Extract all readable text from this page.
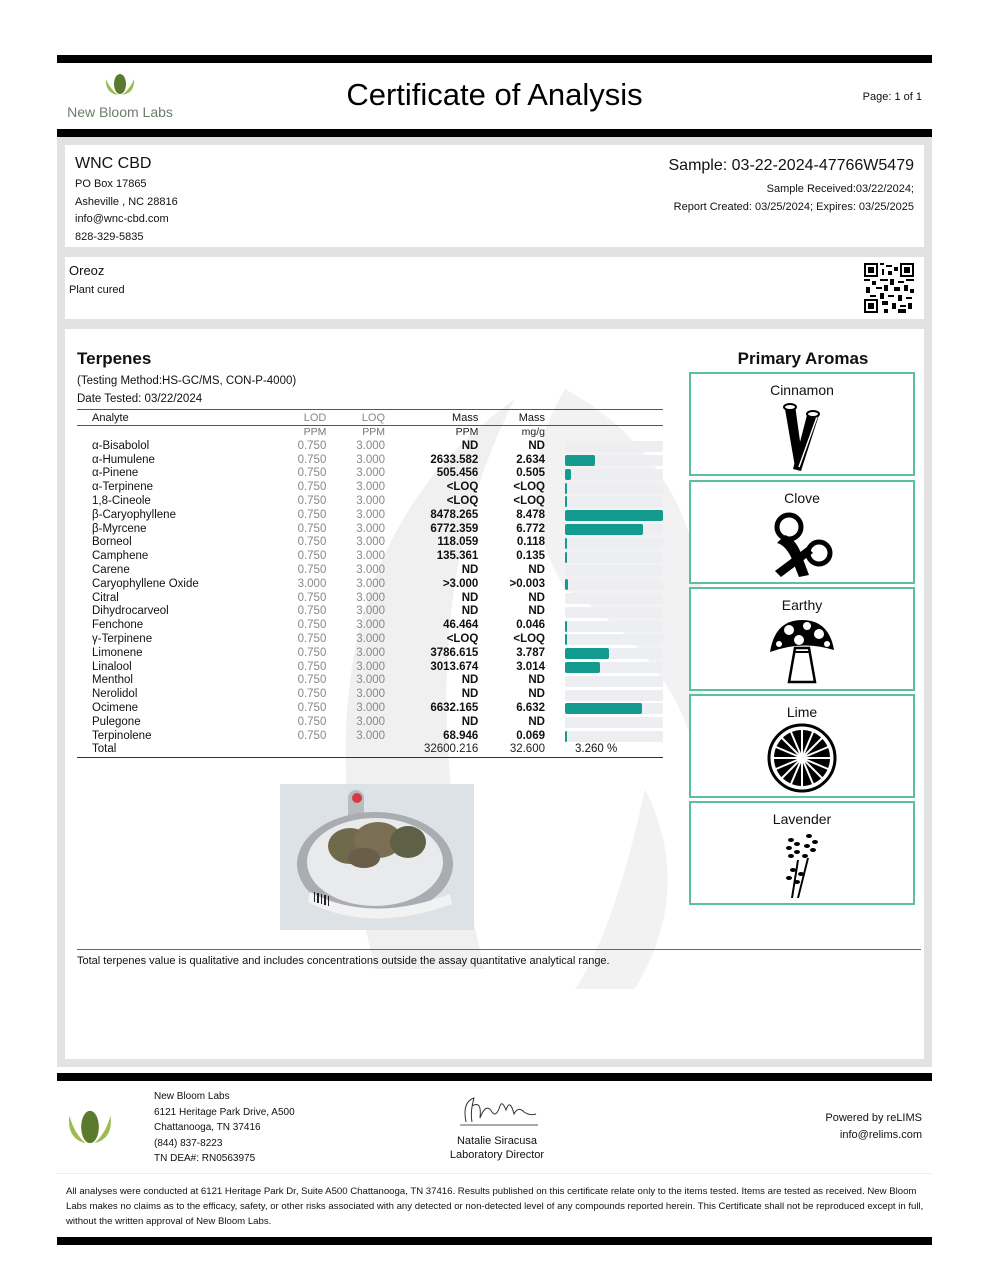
New Bloom Labs	Certificate of Analysis	Page: 1 of 1
WNC CBD
PO Box 17865
Asheville , NC 28816
info@wnc-cbd.com
828-329-5835
Sample: 03-22-2024-47766W5479
Sample Received:03/22/2024;
Report Created: 03/25/2024; Expires: 03/25/2025
Oreoz
Plant cured
Terpenes
(Testing Method:HS-GC/MS, CON-P-4000)
Date Tested: 03/22/2024
Analyte	LOD	LOQ	Mass	Mass	
	PPM	PPM	PPM	mg/g	
α-Bisabolol	0.750	3.000	ND	ND	

α-Humulene	0.750	3.000	2633.582	2.634	

α-Pinene	0.750	3.000	505.456	0.505	

α-Terpinene	0.750	3.000	<LOQ	<LOQ	

1,8-Cineole	0.750	3.000	<LOQ	<LOQ	

β-Caryophyllene	0.750	3.000	8478.265	8.478	

β-Myrcene	0.750	3.000	6772.359	6.772	

Borneol	0.750	3.000	118.059	0.118	

Camphene	0.750	3.000	135.361	0.135	

Carene	0.750	3.000	ND	ND	

Caryophyllene Oxide	3.000	3.000	>3.000	>0.003	

Citral	0.750	3.000	ND	ND	

Dihydrocarveol	0.750	3.000	ND	ND	

Fenchone	0.750	3.000	46.464	0.046	

γ-Terpinene	0.750	3.000	<LOQ	<LOQ	

Limonene	0.750	3.000	3786.615	3.787	

Linalool	0.750	3.000	3013.674	3.014	

Menthol	0.750	3.000	ND	ND	

Nerolidol	0.750	3.000	ND	ND	

Ocimene	0.750	3.000	6632.165	6.632	

Pulegone	0.750	3.000	ND	ND	

Terpinolene	0.750	3.000	68.946	0.069	

Total			32600.216	32.600	3.260 %
Primary Aromas
Cinnamon
Clove
Earthy
Lime
Lavender
Total terpenes value is qualitative and includes concentrations outside the assay quantitative analytical range.
New Bloom Labs
6121 Heritage Park Drive, A500
Chattanooga, TN 37416
(844) 837-8223
TN DEA#: RN0563975
Natalie Siracusa
Laboratory Director
Powered by reLIMS
info@relims.com
All analyses were conducted at 6121 Heritage Park Dr, Suite A500 Chattanooga, TN 37416. Results published on this certificate relate only to the items tested. Items are tested as received. New Bloom Labs makes no claims as to the efficacy, safety, or other risks associated with any detected or non-detected level of any compounds reported herein. This Certificate shall not be reproduced except in full, without the written approval of New Bloom Labs.
